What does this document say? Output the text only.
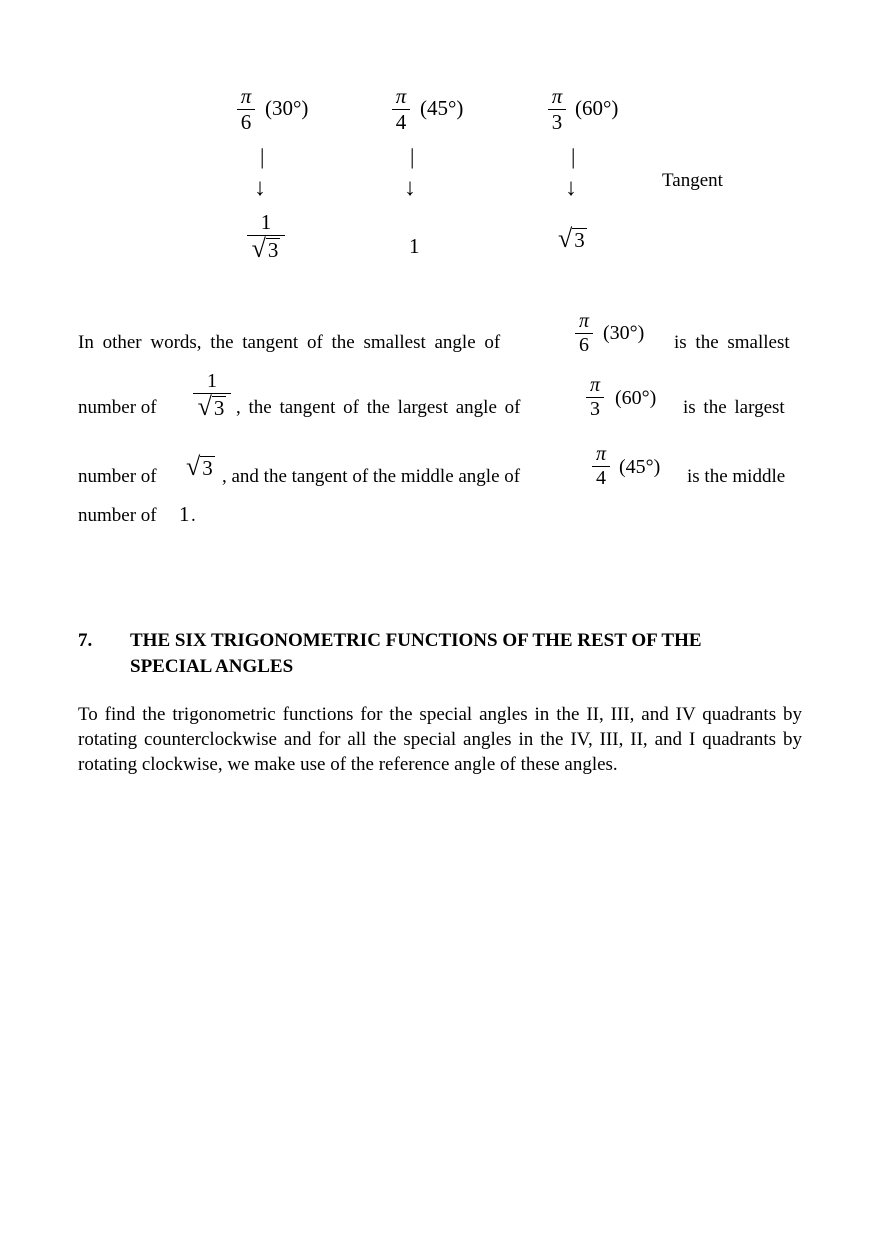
π
6
(30°)
|
↓
1
√ 3
π
4
(45°)
|
↓
1
π
3
(60°)
|
↓
√ 3
Tangent
In other words, the tangent of the smallest angle of
π
6
(30°) is the smallest
number of
1
√ 3 , the tangent of the largest angle of
π
3 (60°) is the largest
number of √ 3 , and the tangent of the middle angle of
π
4 (45°) is the middle
number of 1 .
7. THE SIX TRIGONOMETRIC FUNCTIONS OF THE REST OF THE
SPECIAL ANGLES

To find the trigonometric functions for the special angles in the II, III, and IV quadrants by rotating counterclockwise and for all the special angles in the IV, III, II, and I quadrants by rotating clockwise, we make use of the reference angle of these angles.
